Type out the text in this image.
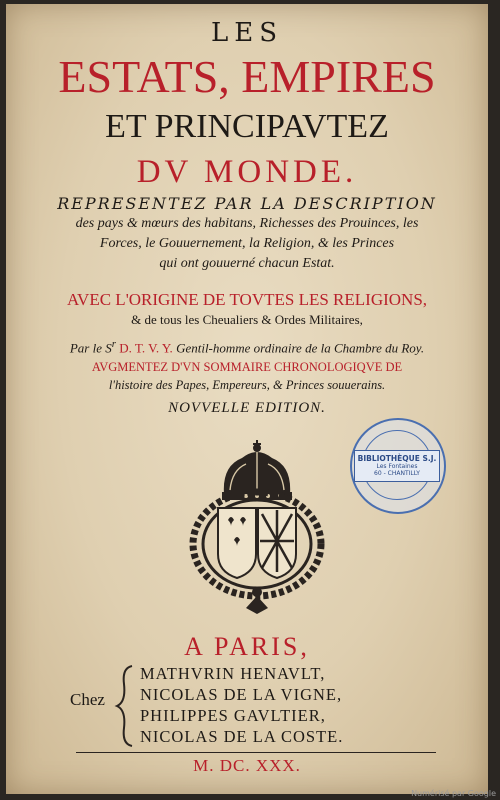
LES

ESTATS, EMPIRES

ET PRINCIPAVTEZ

DV MONDE.

REPRESENTEZ PAR LA DESCRIPTION

des pays & mœurs des habitans, Richesses des Prouinces, les

Forces, le Gouuernement, la Religion, & les Princes

qui ont gouuerné chacun Estat.

AVEC L'ORIGINE DE TOVTES LES RELIGIONS,

& de tous les Cheualiers & Ordes Militaires,

Par le $S^r$ D. T. V. Y. Gentil-homme ordinaire de la Chambre du Roy.

AVGMENTEZ D'VN SOMMAIRE CHRONOLOGIQVE DE

l'histoire des Papes, Empereurs, & Princes souuerains.

NOVVELLE EDITION.

BIBLIOTHÈQUE S.J.
Les Fontaines
60 - CHANTILLY

A PARIS,

Chez
MATHVRIN HENAVLT,
NICOLAS DE LA VIGNE,
PHILIPPES GAVLTIER,
NICOLAS DE LA COSTE.

M. DC. XXX.

Numérisé par Google
